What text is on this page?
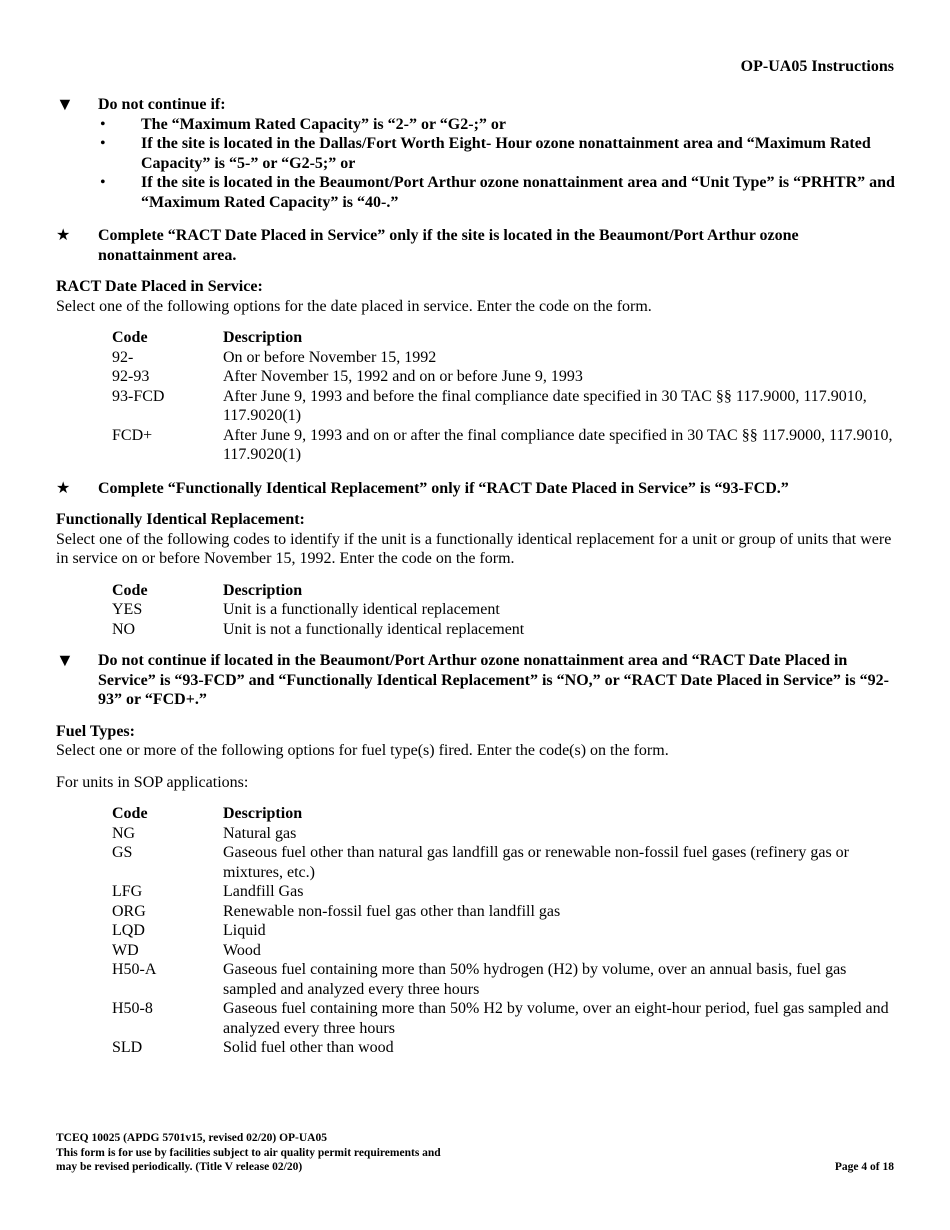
OP-UA05 Instructions
▼	Do not continue if:
• The “Maximum Rated Capacity” is “2-” or “G2-;” or
• If the site is located in the Dallas/Fort Worth Eight- Hour ozone nonattainment area and “Maximum Rated Capacity” is “5-” or “G2-5;” or
• If the site is located in the Beaumont/Port Arthur ozone nonattainment area and “Unit Type” is “PRHTR” and “Maximum Rated Capacity” is “40-.”
★	Complete “RACT Date Placed in Service” only if the site is located in the Beaumont/Port Arthur ozone nonattainment area.
RACT Date Placed in Service:

Select one of the following options for the date placed in service. Enter the code on the form.

Code	Description
92-	On or before November 15, 1992
92-93	After November 15, 1992 and on or before June 9, 1993
93-FCD	After June 9, 1993 and before the final compliance date specified in 30 TAC §§ 117.9000, 117.9010, 117.9020(1)
FCD+	After June 9, 1993 and on or after the final compliance date specified in 30 TAC §§ 117.9000, 117.9010, 117.9020(1)
★	Complete “Functionally Identical Replacement” only if “RACT Date Placed in Service” is “93-FCD.”
Functionally Identical Replacement:

Select one of the following codes to identify if the unit is a functionally identical replacement for a unit or group of units that were in service on or before November 15, 1992. Enter the code on the form.

Code	Description
YES	Unit is a functionally identical replacement
NO	Unit is not a functionally identical replacement
▼	Do not continue if located in the Beaumont/Port Arthur ozone nonattainment area and “RACT Date Placed in Service” is “93-FCD” and “Functionally Identical Replacement” is “NO,” or “RACT Date Placed in Service” is “92-93” or “FCD+.”
Fuel Types:

Select one or more of the following options for fuel type(s) fired. Enter the code(s) on the form.

For units in SOP applications:

Code	Description
NG	Natural gas
GS	Gaseous fuel other than natural gas landfill gas or renewable non-fossil fuel gases (refinery gas or mixtures, etc.)
LFG	Landfill Gas
ORG	Renewable non-fossil fuel gas other than landfill gas
LQD	Liquid
WD	Wood
H50-A	Gaseous fuel containing more than 50% hydrogen (H2) by volume, over an annual basis, fuel gas sampled and analyzed every three hours
H50-8	Gaseous fuel containing more than 50% H2 by volume, over an eight-hour period, fuel gas sampled and analyzed every three hours
SLD	Solid fuel other than wood
TCEQ 10025 (APDG 5701v15, revised 02/20) OP-UA05
This form is for use by facilities subject to air quality permit requirements and
may be revised periodically. (Title V release 02/20)	Page 4 of 18
